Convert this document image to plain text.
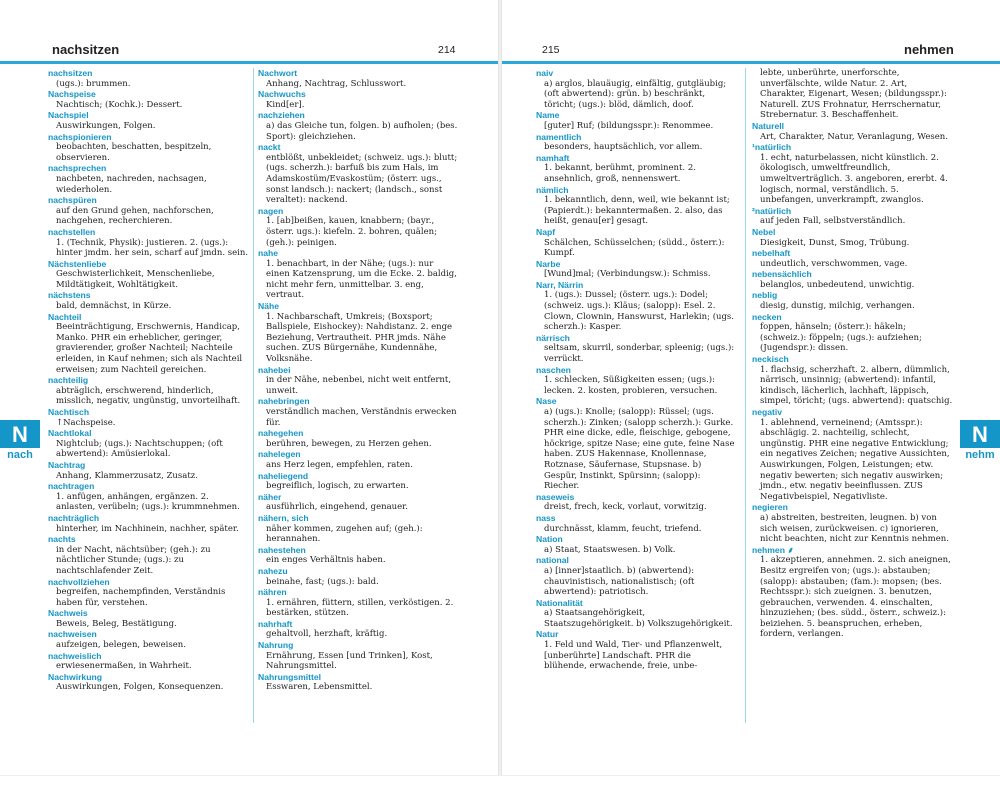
nachsitzen	214
nachsitzen
(ugs.): brummen.
Nachspeise
Nachtisch; (Kochk.): Dessert.
Nachspiel
Auswirkungen, Folgen.
nachspionieren
beobachten, beschatten, bespitzeln, observieren.
nachsprechen
nachbeten, nachreden, nachsagen, wiederholen.
nachspüren
auf den Grund gehen, nachforschen, nachgehen, recherchieren.
nachstellen
1. (Technik, Physik): justieren. 2. (ugs.): hinter jmdm. her sein, scharf auf jmdn. sein.
Nächstenliebe
Geschwisterlichkeit, Menschenliebe, Mildtätigkeit, Wohltätigkeit.
nächstens
bald, demnächst, in Kürze.
Nachteil
Beeinträchtigung, Erschwernis, Handicap, Manko. PHR ein erheblicher, geringer, gravierender, großer Nachteil; Nachteile erleiden, in Kauf nehmen; sich als Nachteil erweisen; zum Nachteil gereichen.
nachteilig
abträglich, erschwerend, hinderlich, misslich, negativ, ungünstig, unvorteilhaft.
Nachtisch
↑Nachspeise.
Nachtlokal
Nightclub; (ugs.): Nachtschuppen; (oft abwertend): Amüsierlokal.
Nachtrag
Anhang, Klammerzusatz, Zusatz.
nachtragen
1. anfügen, anhängen, ergänzen. 2. anlasten, verübeln; (ugs.): krummnehmen.
nachträglich
hinterher, im Nachhinein, nachher, später.
nachts
in der Nacht, nächtsüber; (geh.): zu nächtlicher Stunde; (ugs.): zu nachtschlafender Zeit.
nachvollziehen
begreifen, nachempfinden, Verständnis haben für, verstehen.
Nachweis
Beweis, Beleg, Bestätigung.
nachweisen
aufzeigen, belegen, beweisen.
nachweislich
erwiesenermaßen, in Wahrheit.
Nachwirkung
Auswirkungen, Folgen, Konsequenzen.
Nachwort
Anhang, Nachtrag, Schlusswort.
Nachwuchs
Kind[er].
nachziehen
a) das Gleiche tun, folgen. b) aufholen; (bes. Sport): gleichziehen.
nackt
entblößt, unbekleidet; (schweiz. ugs.): blutt; (ugs. scherzh.): barfuß bis zum Hals, im Adamskostüm/Evaskostüm; (österr. ugs., sonst landsch.): nackert; (landsch., sonst veraltet): nackend.
nagen
1. [ab]beißen, kauen, knabbern; (bayr., österr. ugs.): kiefeln. 2. bohren, quälen; (geh.): peinigen.
nahe
1. benachbart, in der Nähe; (ugs.): nur einen Katzensprung, um die Ecke. 2. baldig, nicht mehr fern, unmittelbar. 3. eng, vertraut.
Nähe
1. Nachbarschaft, Umkreis; (Boxsport; Ballspiele, Eishockey): Nahdistanz. 2. enge Beziehung, Vertrautheit. PHR jmds. Nähe suchen. ZUS Bürgernähe, Kundennähe, Volksnähe.
nahebei
in der Nähe, nebenbei, nicht weit entfernt, unweit.
nahebringen
verständlich machen, Verständnis erwecken für.
nahegehen
berühren, bewegen, zu Herzen gehen.
nahelegen
ans Herz legen, empfehlen, raten.
naheliegend
begreiflich, logisch, zu erwarten.
näher
ausführlich, eingehend, genauer.
nähern, sich
näher kommen, zugehen auf; (geh.): herannahen.
nahestehen
ein enges Verhältnis haben.
nahezu
beinahe, fast; (ugs.): bald.
nähren
1. ernähren, füttern, stillen, verköstigen. 2. bestärken, stützen.
nahrhaft
gehaltvoll, herzhaft, kräftig.
Nahrung
Ernährung, Essen [und Trinken], Kost, Nahrungsmittel.
Nahrungsmittel
Esswaren, Lebensmittel.
N
nach
215	nehmen
naiv
a) arglos, blauäugig, einfältig, gutgläubig; (oft abwertend): grün. b) beschränkt, töricht; (ugs.): blöd, dämlich, doof.
Name
[guter] Ruf; (bildungsspr.): Renommee.
namentlich
besonders, hauptsächlich, vor allem.
namhaft
1. bekannt, berühmt, prominent. 2. ansehnlich, groß, nennenswert.
nämlich
1. bekanntlich, denn, weil, wie bekannt ist; (Papierdt.): bekanntermaßen. 2. also, das heißt, genau[er] gesagt.
Napf
Schälchen, Schüsselchen; (südd., österr.): Kumpf.
Narbe
[Wund]mal; (Verbindungsw.): Schmiss.
Narr, Närrin
1. (ugs.): Dussel; (österr. ugs.): Dodel; (schweiz. ugs.): Kläus; (salopp): Esel. 2. Clown, Clownin, Hanswurst, Harlekin; (ugs. scherzh.): Kasper.
närrisch
seltsam, skurril, sonderbar, spleenig; (ugs.): verrückt.
naschen
1. schlecken, Süßigkeiten essen; (ugs.): lecken. 2. kosten, probieren, versuchen.
Nase
a) (ugs.): Knolle; (salopp): Rüssel; (ugs. scherzh.): Zinken; (salopp scherzh.): Gurke. PHR eine dicke, edle, fleischige, gebogene, höckrige, spitze Nase; eine gute, feine Nase haben. ZUS Hakennase, Knollennase, Rotznase, Säufernase, Stupsnase. b) Gespür, Instinkt, Spürsinn; (salopp): Riecher.
naseweis
dreist, frech, keck, vorlaut, vorwitzig.
nass
durchnässt, klamm, feucht, triefend.
Nation
a) Staat, Staatswesen. b) Volk.
national
a) [inner]staatlich. b) (abwertend): chauvinistisch, nationalistisch; (oft abwertend): patriotisch.
Nationalität
a) Staatsangehörigkeit, Staatszugehörigkeit. b) Volkszugehörigkeit.
Natur
1. Feld und Wald, Tier- und Pflanzenwelt, [unberührte] Landschaft. PHR die blühende, erwachende, freie, unbe-
lebte, unberührte, unerforschte, unverfälschte, wilde Natur. 2. Art, Charakter, Eigenart, Wesen; (bildungsspr.): Naturell. ZUS Frohnatur, Herrschernatur, Strebernatur. 3. Beschaffenheit.
Naturell
Art, Charakter, Natur, Veranlagung, Wesen.
¹natürlich
1. echt, naturbelassen, nicht künstlich. 2. ökologisch, umweltfreundlich, umweltverträglich. 3. angeboren, ererbt. 4. logisch, normal, verständlich. 5. unbefangen, unverkrampft, zwanglos.
²natürlich
auf jeden Fall, selbstverständlich.
Nebel
Diesigkeit, Dunst, Smog, Trübung.
nebelhaft
undeutlich, verschwommen, vage.
nebensächlich
belanglos, unbedeutend, unwichtig.
neblig
diesig, dunstig, milchig, verhangen.
necken
foppen, hänseln; (österr.): häkeln; (schweiz.): föppeln; (ugs.): aufziehen; (Jugendspr.): dissen.
neckisch
1. flachsig, scherzhaft. 2. albern, dümmlich, närrisch, unsinnig; (abwertend): infantil, kindisch, lächerlich, lachhaft, läppisch, simpel, töricht; (ugs. abwertend): quatschig.
negativ
1. ablehnend, verneinend; (Amtsspr.): abschlägig. 2. nachteilig, schlecht, ungünstig. PHR eine negative Entwicklung; ein negatives Zeichen; negative Aussichten, Auswirkungen, Folgen, Leistungen; etw. negativ bewerten; sich negativ auswirken; jmdn., etw. negativ beeinflussen. ZUS Negativbeispiel, Negativliste.
negieren
a) abstreiten, bestreiten, leugnen. b) von sich weisen, zurückweisen. c) ignorieren, nicht beachten, nicht zur Kenntnis nehmen.
nehmen ⸙
1. akzeptieren, annehmen. 2. sich aneignen, Besitz ergreifen von; (ugs.): abstauben; (salopp): abstauben; (fam.): mopsen; (bes. Rechtsspr.): sich zueignen. 3. benutzen, gebrauchen, verwenden. 4. einschalten, hinzuziehen; (bes. südd., österr., schweiz.): beiziehen. 5. beanspruchen, erheben, fordern, verlangen.
N
nehm
